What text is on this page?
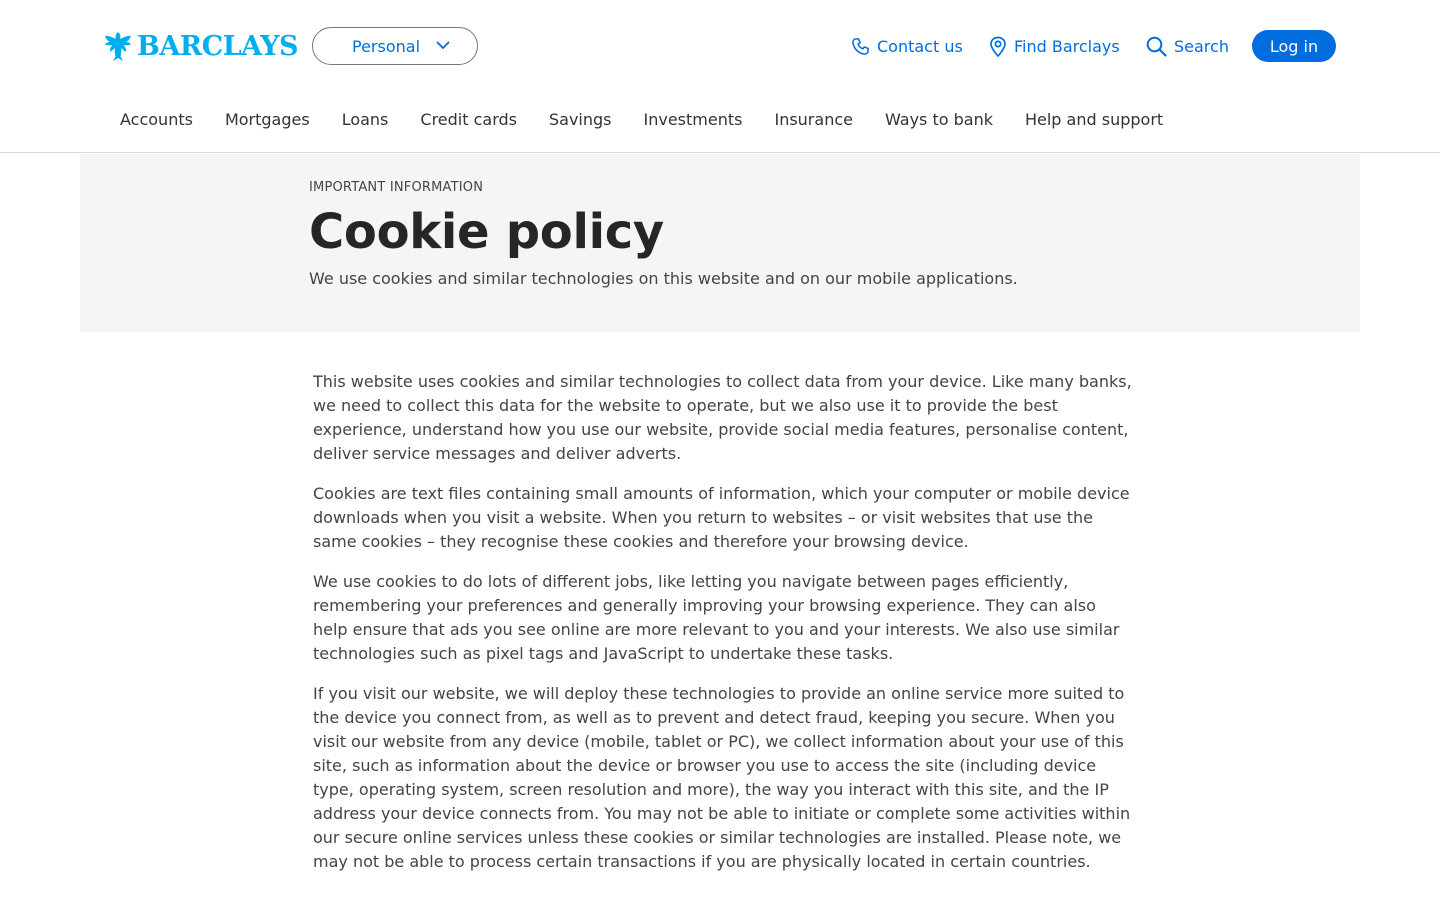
BARCLAYS	Personal	Contact us	Find Barclays	Search	Log in
Accounts	Mortgages	Loans	Credit cards	Savings	Investments	Insurance	Ways to bank	Help and support
IMPORTANT INFORMATION
Cookie policy

We use cookies and similar technologies on this website and on our mobile applications.

This website uses cookies and similar technologies to collect data from your device. Like many banks, we need to collect this data for the website to operate, but we also use it to provide the best experience, understand how you use our website, provide social media features, personalise content, deliver service messages and deliver adverts.

Cookies are text files containing small amounts of information, which your computer or mobile device downloads when you visit a website. When you return to websites – or visit websites that use the same cookies – they recognise these cookies and therefore your browsing device.

We use cookies to do lots of different jobs, like letting you navigate between pages efficiently, remembering your preferences and generally improving your browsing experience. They can also help ensure that ads you see online are more relevant to you and your interests. We also use similar technologies such as pixel tags and JavaScript to undertake these tasks.

If you visit our website, we will deploy these technologies to provide an online service more suited to the device you connect from, as well as to prevent and detect fraud, keeping you secure. When you visit our website from any device (mobile, tablet or PC), we collect information about your use of this site, such as information about the device or browser you use to access the site (including device type, operating system, screen resolution and more), the way you interact with this site, and the IP address your device connects from. You may not be able to initiate or complete some activities within our secure online services unless these cookies or similar technologies are installed. Please note, we may not be able to process certain transactions if you are physically located in certain countries.
